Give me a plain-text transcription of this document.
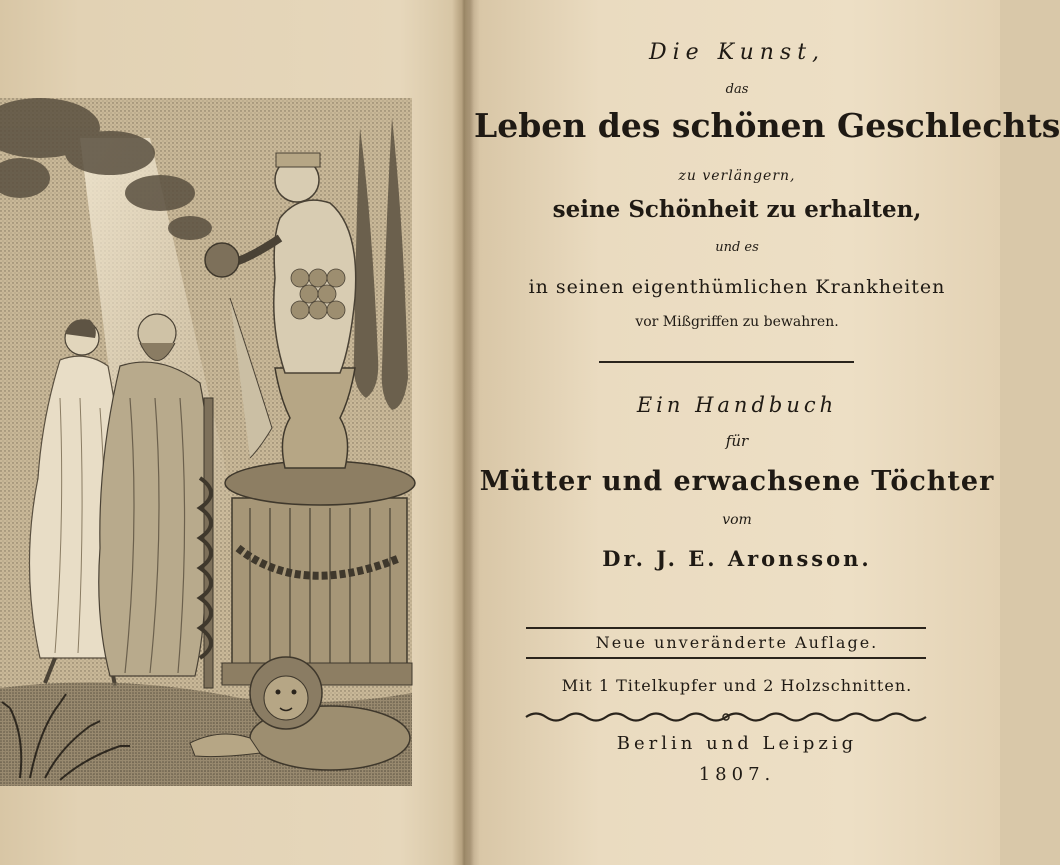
Die Kunst,
das
Leben des schönen Geschlechts
zu verlängern,
seine Schönheit zu erhalten,
und es
in seinen eigenthümlichen Krankheiten
vor Mißgriffen zu bewahren.
Ein Handbuch
für
Mütter und erwachsene Töchter
vom
Dr. J. E. Aronsson.
Neue unveränderte Auflage.
Mit 1 Titelkupfer und 2 Holzschnitten.
Berlin und Leipzig
1807.
